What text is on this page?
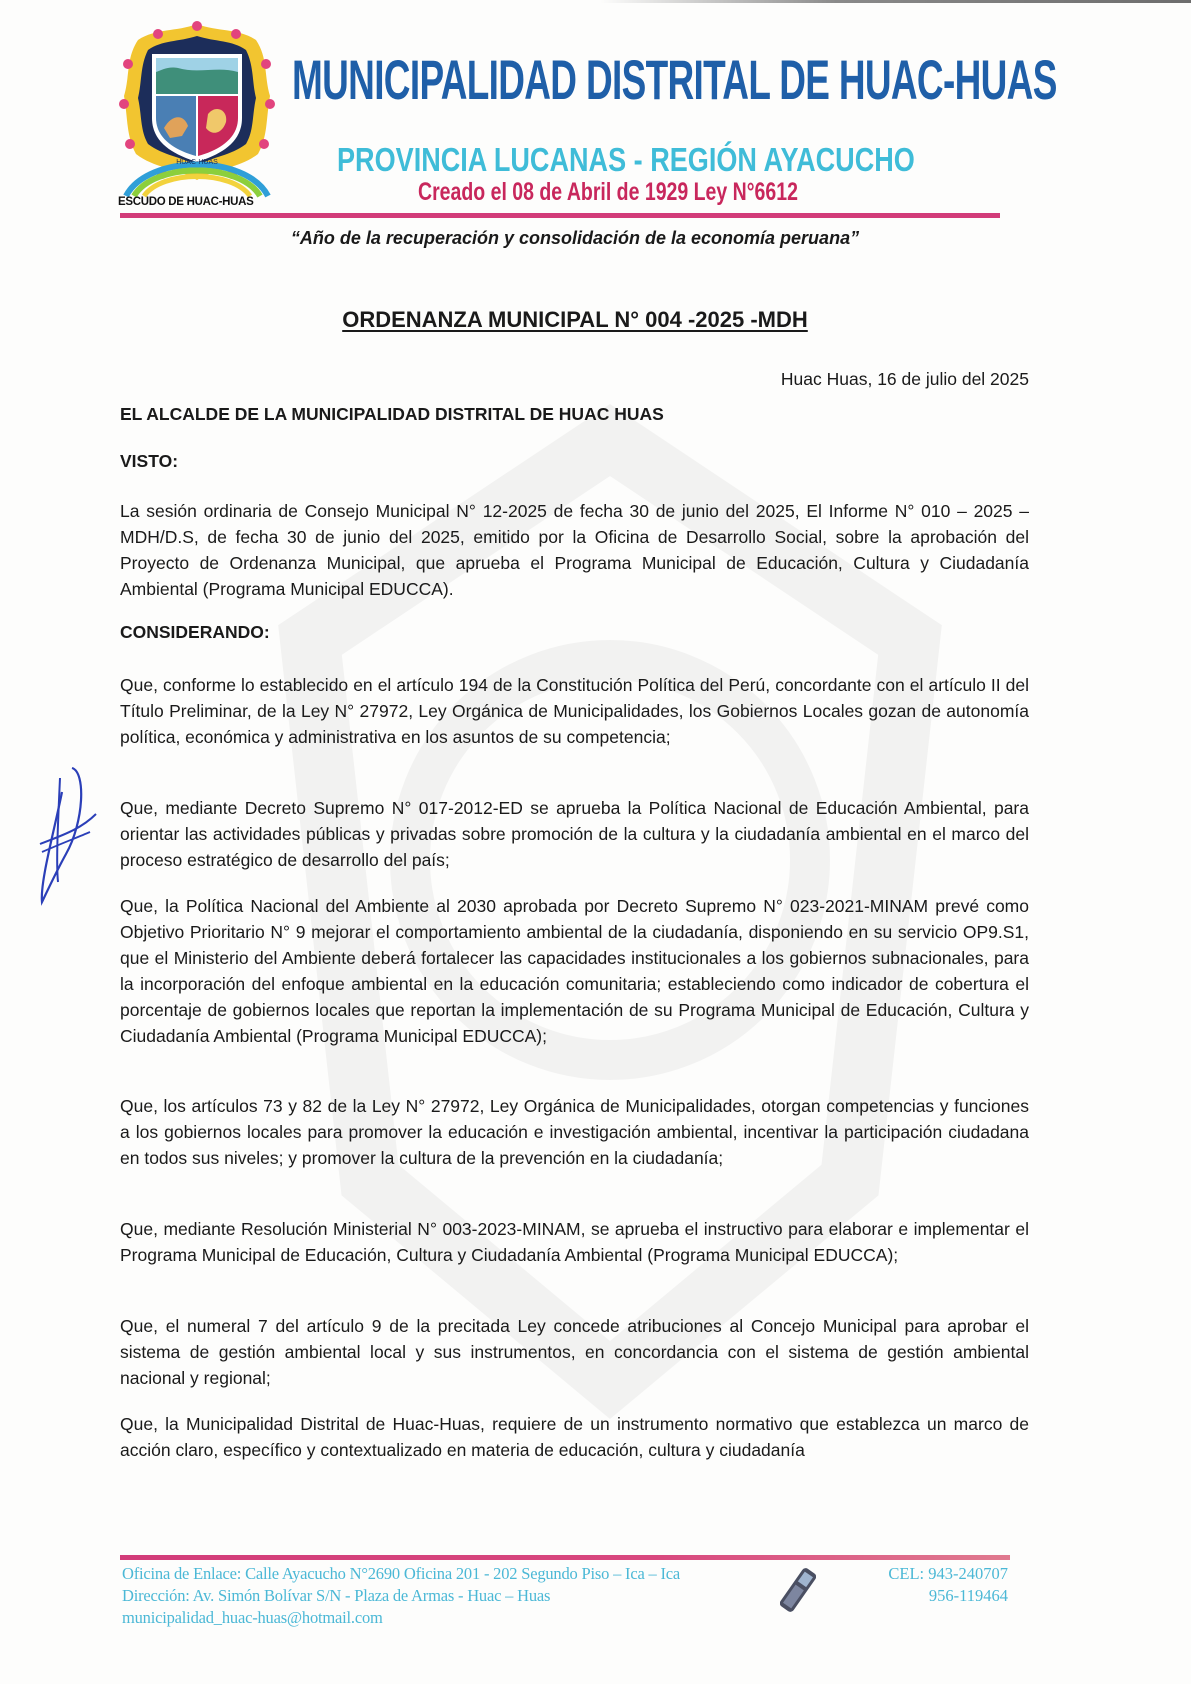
HUAC-HUAS
ESCUDO DE HUAC-HUAS
MUNICIPALIDAD DISTRITAL DE HUAC-HUAS
PROVINCIA LUCANAS - REGIÓN AYACUCHO
Creado el 08 de Abril de 1929 Ley N°6612
“Año de la recuperación y consolidación de la economía peruana”
ORDENANZA MUNICIPAL N° 004 -2025 -MDH
Huac Huas, 16 de julio del 2025
EL ALCALDE DE LA MUNICIPALIDAD DISTRITAL DE HUAC HUAS
VISTO:

La sesión ordinaria de Consejo Municipal N° 12-2025 de fecha 30 de junio del 2025, El Informe N° 010 – 2025 – MDH/D.S, de fecha 30 de junio del 2025, emitido por la Oficina de Desarrollo Social, sobre la aprobación del Proyecto de Ordenanza Municipal, que aprueba el Programa Municipal de Educación, Cultura y Ciudadanía Ambiental (Programa Municipal EDUCCA).

CONSIDERANDO:

Que, conforme lo establecido en el artículo 194 de la Constitución Política del Perú, concordante con el artículo II del Título Preliminar, de la Ley N° 27972, Ley Orgánica de Municipalidades, los Gobiernos Locales gozan de autonomía política, económica y administrativa en los asuntos de su competencia;

Que, mediante Decreto Supremo N° 017-2012-ED se aprueba la Política Nacional de Educación Ambiental, para orientar las actividades públicas y privadas sobre promoción de la cultura y la ciudadanía ambiental en el marco del proceso estratégico de desarrollo del país;

Que, la Política Nacional del Ambiente al 2030 aprobada por Decreto Supremo N° 023-2021-MINAM prevé como Objetivo Prioritario N° 9 mejorar el comportamiento ambiental de la ciudadanía, disponiendo en su servicio OP9.S1, que el Ministerio del Ambiente deberá fortalecer las capacidades institucionales a los gobiernos subnacionales, para la incorporación del enfoque ambiental en la educación comunitaria; estableciendo como indicador de cobertura el porcentaje de gobiernos locales que reportan la implementación de su Programa Municipal de Educación, Cultura y Ciudadanía Ambiental (Programa Municipal EDUCCA);

Que, los artículos 73 y 82 de la Ley N° 27972, Ley Orgánica de Municipalidades, otorgan competencias y funciones a los gobiernos locales para promover la educación e investigación ambiental, incentivar la participación ciudadana en todos sus niveles; y promover la cultura de la prevención en la ciudadanía;

Que, mediante Resolución Ministerial N° 003-2023-MINAM, se aprueba el instructivo para elaborar e implementar el Programa Municipal de Educación, Cultura y Ciudadanía Ambiental (Programa Municipal EDUCCA);

Que, el numeral 7 del artículo 9 de la precitada Ley concede atribuciones al Concejo Municipal para aprobar el sistema de gestión ambiental local y sus instrumentos, en concordancia con el sistema de gestión ambiental nacional y regional;

Que, la Municipalidad Distrital de Huac-Huas, requiere de un instrumento normativo que establezca un marco de acción claro, específico y contextualizado en materia de educación, cultura y ciudadanía

Oficina de Enlace: Calle Ayacucho N°2690 Oficina 201 - 202 Segundo Piso – Ica – Ica
Dirección: Av. Simón Bolívar S/N - Plaza de Armas - Huac – Huas
municipalidad_huac-huas@hotmail.com
CEL: 943-240707
956-119464
